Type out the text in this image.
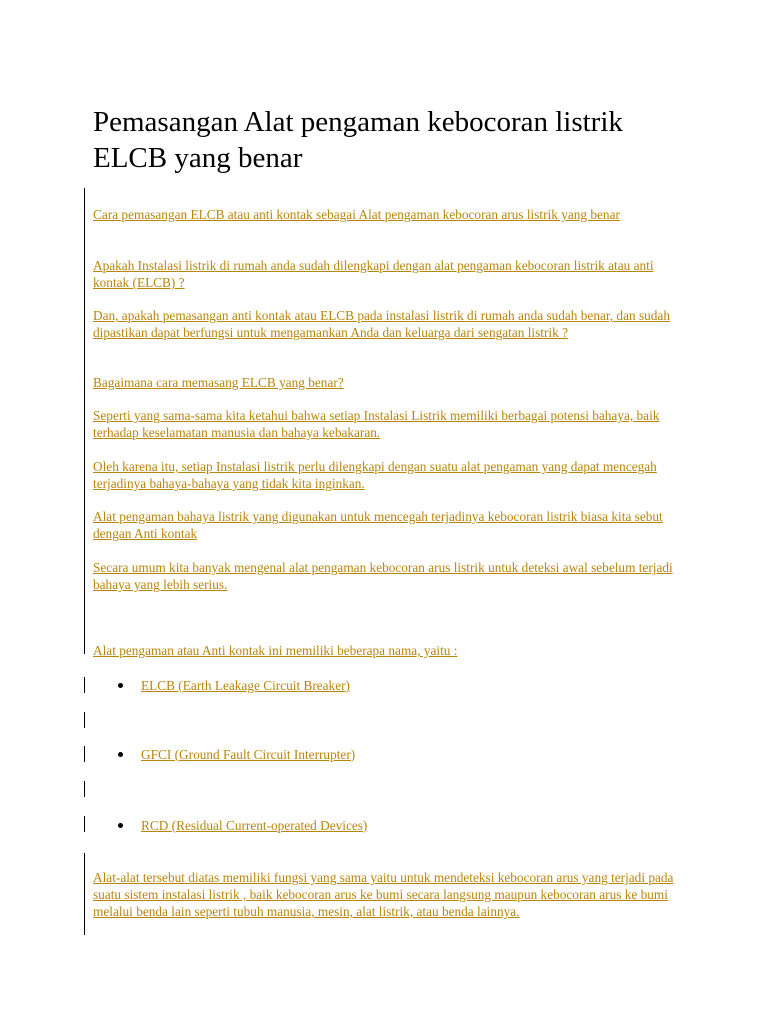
Pemasangan Alat pengaman kebocoran listrik ELCB yang benar

Cara pemasangan ELCB atau anti kontak sebagai Alat pengaman kebocoran arus listrik yang benar

Apakah Instalasi listrik di rumah anda sudah dilengkapi dengan alat pengaman kebocoran listrik atau anti kontak (ELCB) ?

Dan, apakah pemasangan anti kontak atau ELCB pada instalasi listrik di rumah anda sudah benar, dan sudah dipastikan dapat berfungsi untuk mengamankan Anda dan keluarga dari sengatan listrik ?

Bagaimana cara memasang ELCB yang benar?

Seperti yang sama-sama kita ketahui bahwa setiap Instalasi Listrik memiliki berbagai potensi bahaya, baik terhadap keselamatan manusia dan bahaya kebakaran.

Oleh karena itu, setiap Instalasi listrik perlu dilengkapi dengan suatu alat pengaman yang dapat mencegah terjadinya bahaya-bahaya yang tidak kita inginkan.

Alat pengaman bahaya listrik yang digunakan untuk mencegah terjadinya kebocoran listrik biasa kita sebut dengan Anti kontak

Secara umum kita banyak mengenal alat pengaman kebocoran arus listrik untuk deteksi awal sebelum terjadi bahaya yang lebih serius.

Alat pengaman atau Anti kontak ini memiliki beberapa nama, yaitu :

ELCB (Earth Leakage Circuit Breaker)
GFCI (Ground Fault Circuit Interrupter)
RCD (Residual Current-operated Devices)

Alat-alat tersebut diatas memiliki fungsi yang sama yaitu untuk mendeteksi kebocoran arus yang terjadi pada suatu sistem instalasi listrik , baik kebocoran arus ke bumi secara langsung maupun kebocoran arus ke bumi melalui benda lain seperti tubuh manusia, mesin, alat listrik, atau benda lainnya.
